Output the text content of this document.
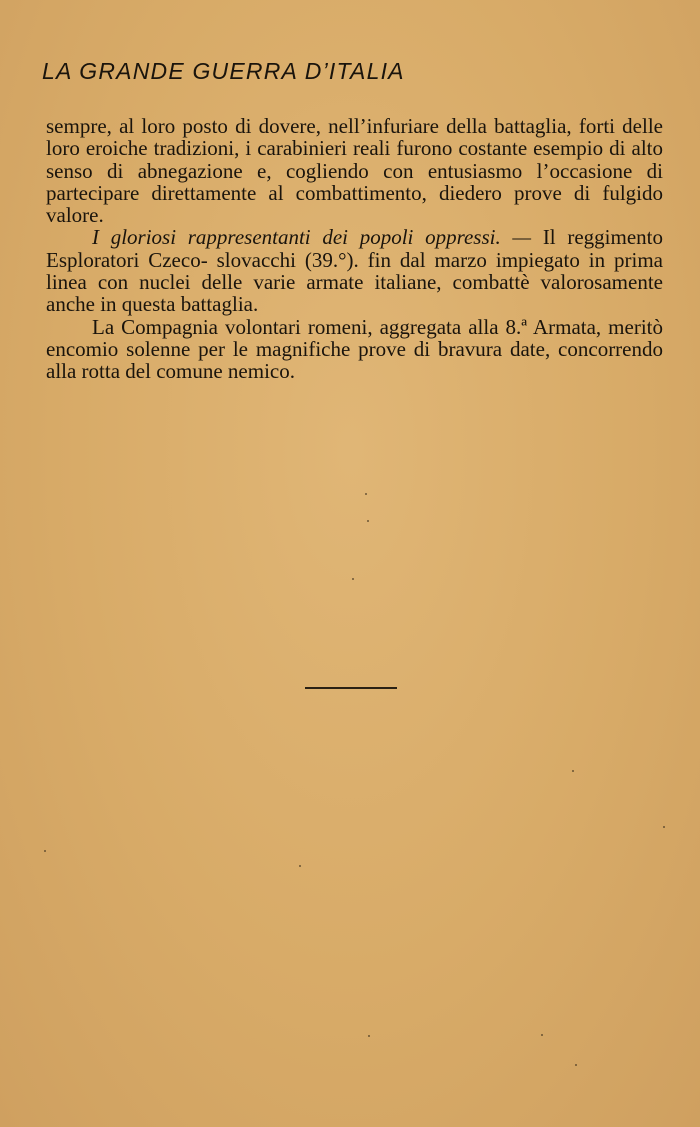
LA GRANDE GUERRA D’ITALIA

sempre, al loro posto di dovere, nell’infuriare della battaglia, forti delle loro eroiche tradizioni, i carabinieri reali furono costante esempio di alto senso di abnegazione e, cogliendo con entusiasmo l’occasione di partecipare direttamente al combattimento, diedero prove di fulgido valore.

I gloriosi rappresentanti dei popoli oppressi. — Il reggimento Esploratori Czeco- slovacchi (39.°). fin dal marzo impiegato in prima linea con nuclei delle varie armate italiane, combattè valorosamente anche in questa battaglia.

La Compagnia volontari romeni, aggregata alla 8.ª Armata, meritò encomio solenne per le magnifiche prove di bravura date, concorrendo alla rotta del comune nemico.
